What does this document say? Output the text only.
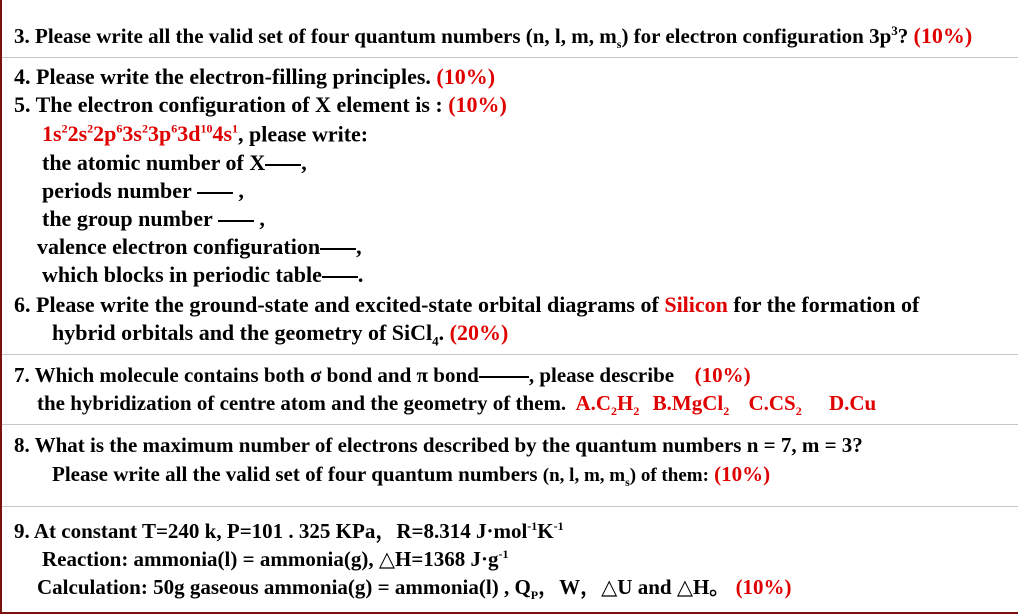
3. Please write all the valid set of four quantum numbers (n, l, m, $m_s$) for electron configuration $3p^3$? (10%)
4. Please write the electron-filling principles. (10%)
5. The electron configuration of X element is : (10%)
$1s^22s^22p^63s^23p^63d^{10}4s^1$, please write:
the atomic number of X ,
periods number ,
the group number ,
valence electron configuration ,
which blocks in periodic table .
6. Please write the ground-state and excited-state orbital diagrams of Silicon for the formation of
hybrid orbitals and the geometry of SiCl$_4$. (20%)
7. Which molecule contains both σ bond and π bond , please describe (10%)
the hybridization of centre atom and the geometry of them. $A.C_2H_2$ B.MgCl$_2$ $C.CS_2$ D.Cu
8. What is the maximum number of electrons described by the quantum numbers n = 7, m = 3?
Please write all the valid set of four quantum numbers (n, l, m, $m_s$) of them: (10%)
9. At constant T=240 k, P=101 . 325 KPa，R=8.314 $J\cdot mol^{-1}K^{-1}$
Reaction: ammonia(l) = ammonia(g), △H=1368 $J\cdot g^{-1}$
Calculation: 50g gaseous ammonia(g) = ammonia(l) , $Q_P$，W，△U and △H。 (10%)
